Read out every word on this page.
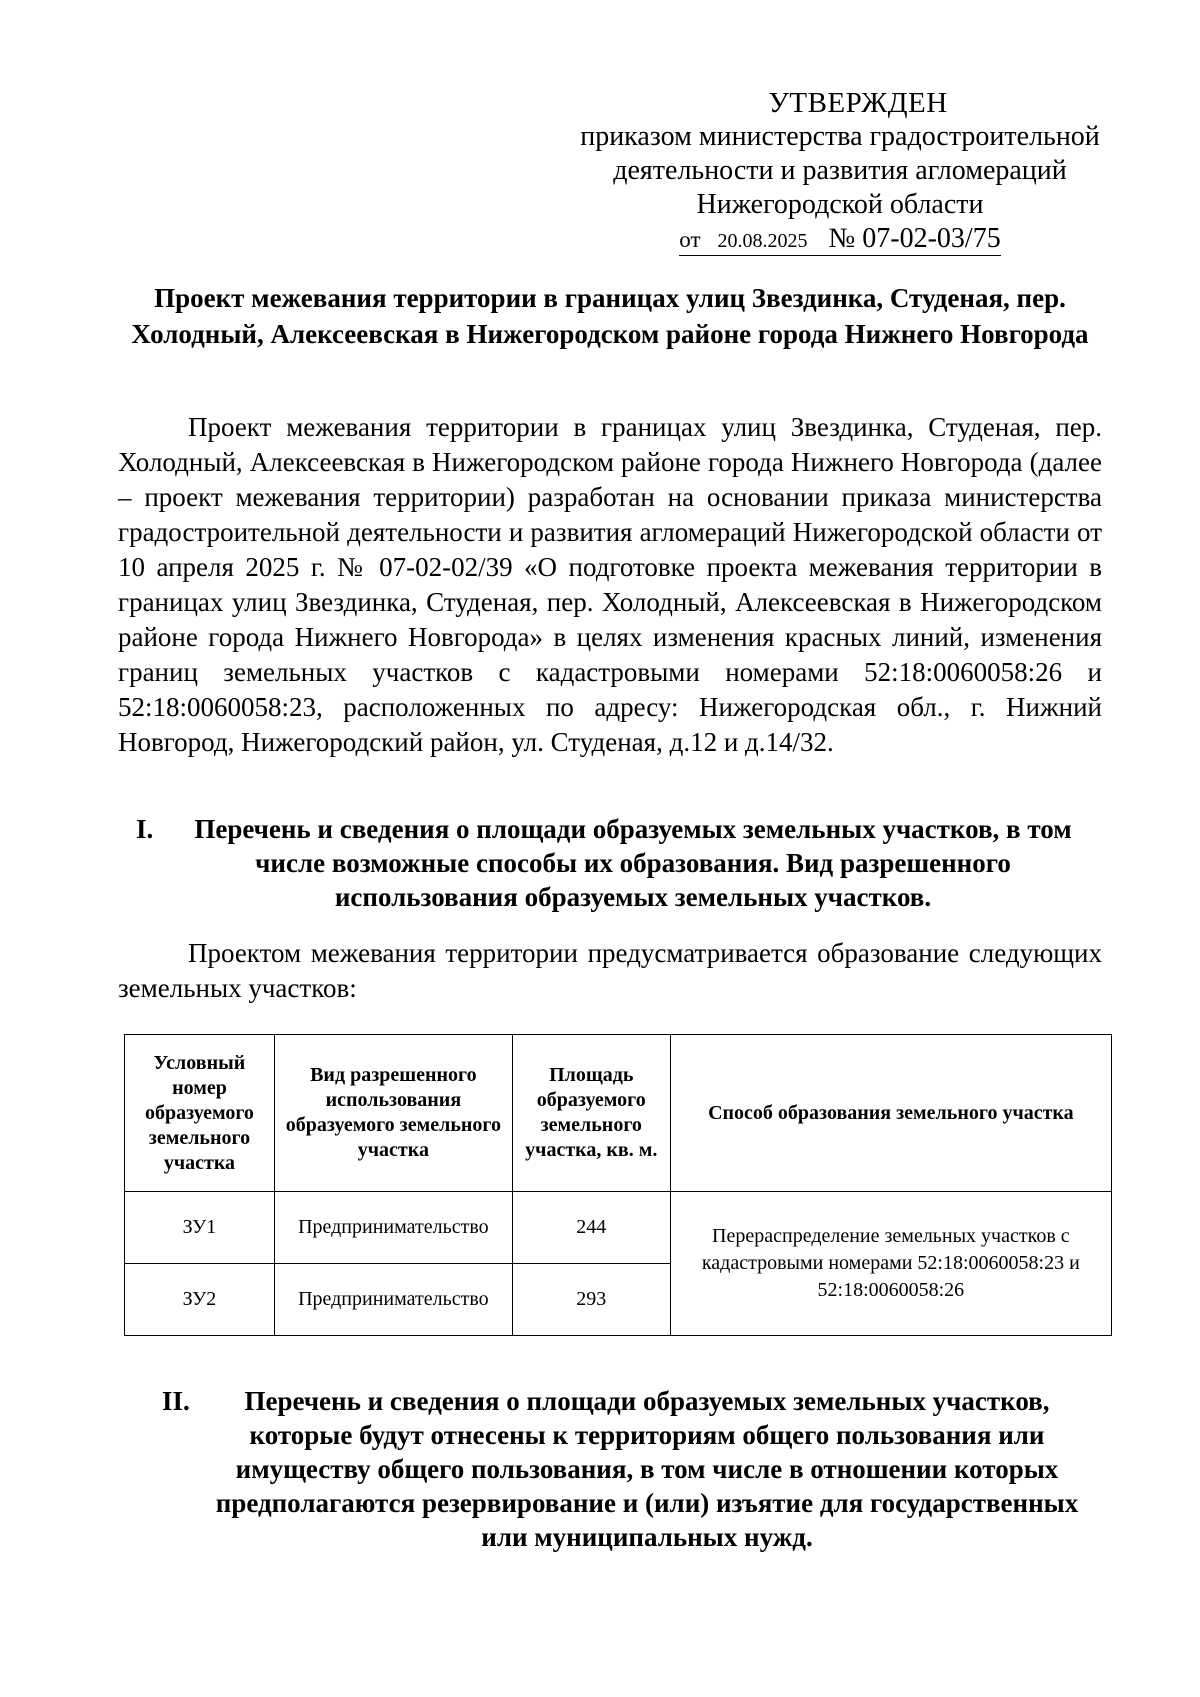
УТВЕРЖДЕН
приказом министерства градостроительной
деятельности и развития агломераций
Нижегородской области
от 20.08.2025 № 07-02-03/75
Проект межевания территории в границах улиц Звездинка, Студеная, пер. Холодный, Алексеевская в Нижегородском районе города Нижнего Новгорода
Проект межевания территории в границах улиц Звездинка, Студеная, пер. Холодный, Алексеевская в Нижегородском районе города Нижнего Новгорода (далее – проект межевания территории) разработан на основании приказа министерства градостроительной деятельности и развития агломераций Нижегородской области от 10 апреля 2025 г. № 07-02-02/39 «О подготовке проекта межевания территории в границах улиц Звездинка, Студеная, пер. Холодный, Алексеевская в Нижегородском районе города Нижнего Новгорода» в целях изменения красных линий, изменения границ земельных участков с кадастровыми номерами 52:18:0060058:26 и 52:18:0060058:23, расположенных по адресу: Нижегородская обл., г. Нижний Новгород, Нижегородский район, ул. Студеная, д.12 и д.14/32.
I.	Перечень и сведения о площади образуемых земельных участков, в том числе возможные способы их образования. Вид разрешенного использования образуемых земельных участков.
Проектом межевания территории предусматривается образование следующих земельных участков:
Условный номер образуемого земельного участка	Вид разрешенного использования образуемого земельного участка	Площадь образуемого земельного участка, кв. м.	Способ образования земельного участка
ЗУ1	Предпринимательство	244	Перераспределение земельных участков с кадастровыми номерами 52:18:0060058:23 и 52:18:0060058:26
ЗУ2	Предпринимательство	293	
II.	Перечень и сведения о площади образуемых земельных участков, которые будут отнесены к территориям общего пользования или имуществу общего пользования, в том числе в отношении которых предполагаются резервирование и (или) изъятие для государственных или муниципальных нужд.
